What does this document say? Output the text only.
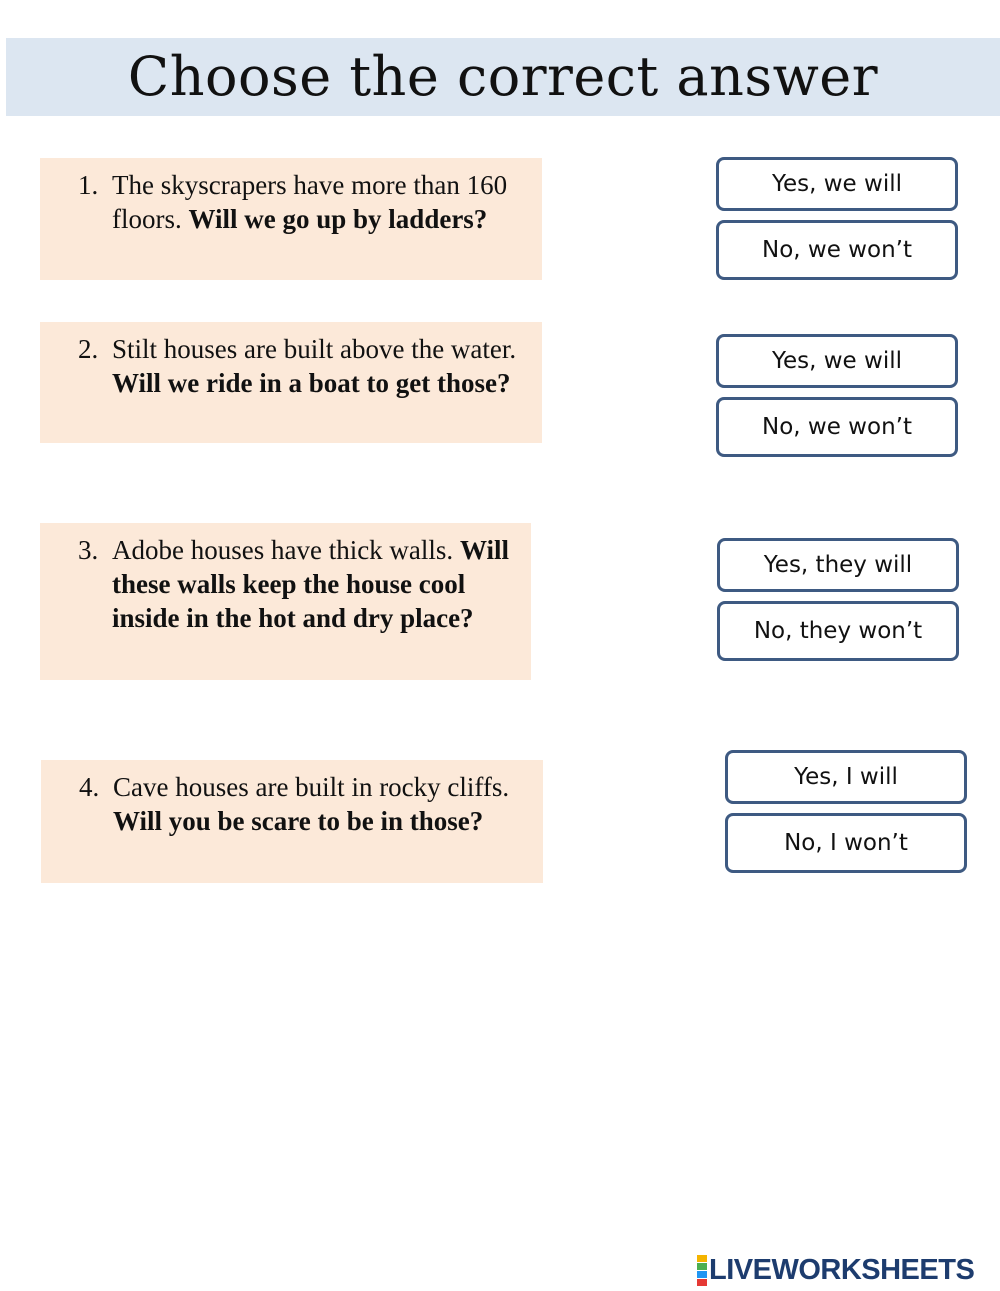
Choose the correct answer
1. The skyscrapers have more than 160 floors. Will we go up by ladders?
Yes, we will
No, we won’t
2. Stilt houses are built above the water. Will we ride in a boat to get those?
Yes, we will
No, we won’t
3. Adobe houses have thick walls. Will these walls keep the house cool inside in the hot and dry place?
Yes, they will
No, they won’t
4. Cave houses are built in rocky cliffs. Will you be scare to be in those?
Yes, I will
No, I won’t
LIVEWORKSHEETS
